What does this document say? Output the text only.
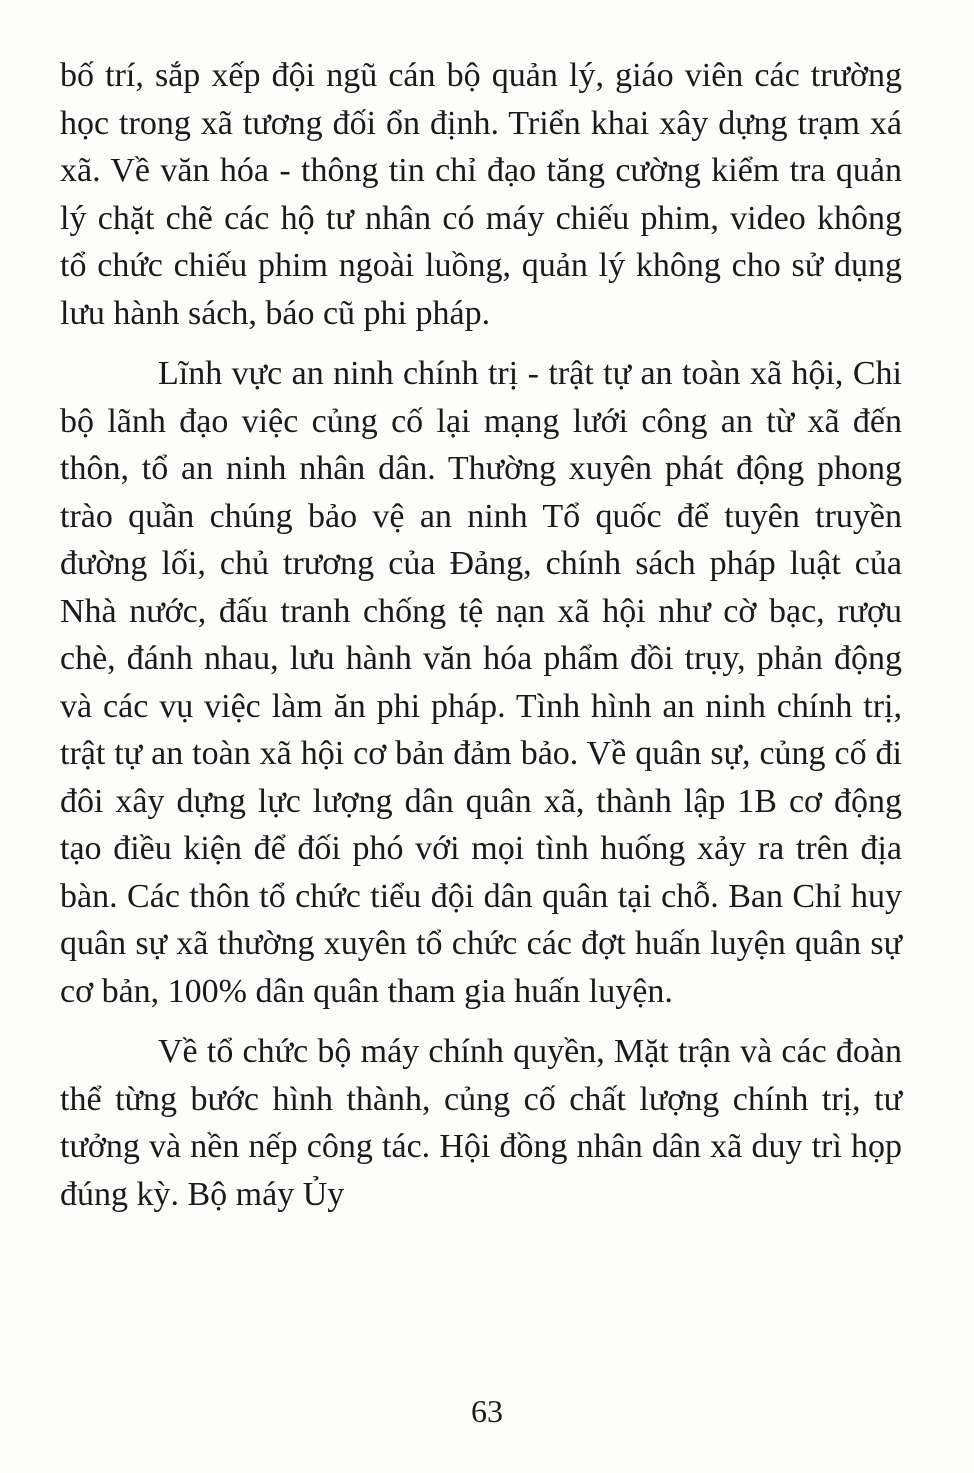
bố trí, sắp xếp đội ngũ cán bộ quản lý, giáo viên các trường học trong xã tương đối ổn định. Triển khai xây dựng trạm xá xã. Về văn hóa - thông tin chỉ đạo tăng cường kiểm tra quản lý chặt chẽ các hộ tư nhân có máy chiếu phim, video không tổ chức chiếu phim ngoài luồng, quản lý không cho sử dụng lưu hành sách, báo cũ phi pháp.

Lĩnh vực an ninh chính trị - trật tự an toàn xã hội, Chi bộ lãnh đạo việc củng cố lại mạng lưới công an từ xã đến thôn, tổ an ninh nhân dân. Thường xuyên phát động phong trào quần chúng bảo vệ an ninh Tổ quốc để tuyên truyền đường lối, chủ trương của Đảng, chính sách pháp luật của Nhà nước, đấu tranh chống tệ nạn xã hội như cờ bạc, rượu chè, đánh nhau, lưu hành văn hóa phẩm đồi trụy, phản động và các vụ việc làm ăn phi pháp. Tình hình an ninh chính trị, trật tự an toàn xã hội cơ bản đảm bảo. Về quân sự, củng cố đi đôi xây dựng lực lượng dân quân xã, thành lập 1B cơ động tạo điều kiện để đối phó với mọi tình huống xảy ra trên địa bàn. Các thôn tổ chức tiểu đội dân quân tại chỗ. Ban Chỉ huy quân sự xã thường xuyên tổ chức các đợt huấn luyện quân sự cơ bản, 100% dân quân tham gia huấn luyện.

Về tổ chức bộ máy chính quyền, Mặt trận và các đoàn thể từng bước hình thành, củng cố chất lượng chính trị, tư tưởng và nền nếp công tác. Hội đồng nhân dân xã duy trì họp đúng kỳ. Bộ máy Ủy

63
